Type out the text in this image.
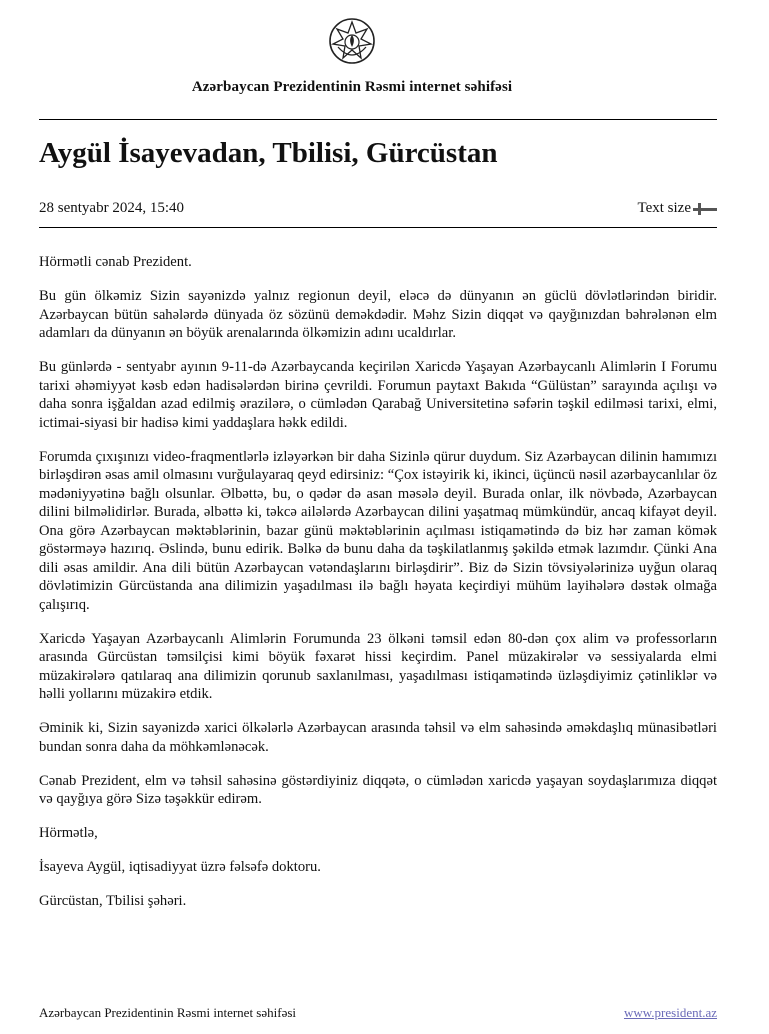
Azərbaycan Prezidentinin Rəsmi internet səhifəsi
Aygül İsayevadan, Tbilisi, Gürcüstan
28 sentyabr 2024, 15:40	Text size

Hörmətli cənab Prezident.

Bu gün ölkəmiz Sizin sayənizdə yalnız regionun deyil, eləcə də dünyanın ən güclü dövlətlərindən biridir. Azərbaycan bütün sahələrdə dünyada öz sözünü deməkdədir. Məhz Sizin diqqət və qayğınızdan bəhrələnən elm adamları da dünyanın ən böyük arenalarında ölkəmizin adını ucaldırlar.

Bu günlərdə - sentyabr ayının 9-11-də Azərbaycanda keçirilən Xaricdə Yaşayan Azərbaycanlı Alimlərin I Forumu tarixi əhəmiyyət kəsb edən hadisələrdən birinə çevrildi. Forumun paytaxt Bakıda “Gülüstan” sarayında açılışı və daha sonra işğaldan azad edilmiş ərazilərə, o cümlədən Qarabağ Universitetinə səfərin təşkil edilməsi tarixi, elmi, ictimai-siyasi bir hadisə kimi yaddaşlara həkk edildi.

Forumda çıxışınızı video-fraqmentlərlə izləyərkən bir daha Sizinlə qürur duydum. Siz Azərbaycan dilinin hamımızı birləşdirən əsas amil olmasını vurğulayaraq qeyd edirsiniz: “Çox istəyirik ki, ikinci, üçüncü nəsil azərbaycanlılar öz mədəniyyətinə bağlı olsunlar. Əlbəttə, bu, o qədər də asan məsələ deyil. Burada onlar, ilk növbədə, Azərbaycan dilini bilməlidirlər. Burada, əlbəttə ki, təkcə ailələrdə Azərbaycan dilini yaşatmaq mümkündür, ancaq kifayət deyil. Ona görə Azərbaycan məktəblərinin, bazar günü məktəblərinin açılması istiqamətində də biz hər zaman kömək göstərməyə hazırıq. Əslində, bunu edirik. Bəlkə də bunu daha da təşkilatlanmış şəkildə etmək lazımdır. Çünki Ana dili əsas amildir. Ana dili bütün Azərbaycan vətəndaşlarını birləşdirir”. Biz də Sizin tövsiyələrinizə uyğun olaraq dövlətimizin Gürcüstanda ana dilimizin yaşadılması ilə bağlı həyata keçirdiyi mühüm layihələrə dəstək olmağa çalışırıq.

Xaricdə Yaşayan Azərbaycanlı Alimlərin Forumunda 23 ölkəni təmsil edən 80-dən çox alim və professorların arasında Gürcüstan təmsilçisi kimi böyük fəxarət hissi keçirdim. Panel müzakirələr və sessiyalarda elmi müzakirələrə qatılaraq ana dilimizin qorunub saxlanılması, yaşadılması istiqamətində üzləşdiyimiz çətinliklər və həlli yollarını müzakirə etdik.

Əminik ki, Sizin sayənizdə xarici ölkələrlə Azərbaycan arasında təhsil və elm sahəsində əməkdaşlıq münasibətləri bundan sonra daha da möhkəmlənəcək.

Cənab Prezident, elm və təhsil sahəsinə göstərdiyiniz diqqətə, o cümlədən xaricdə yaşayan soydaşlarımıza diqqət və qayğıya görə Sizə təşəkkür edirəm.

Hörmətlə,

İsayeva Aygül, iqtisadiyyat üzrə fəlsəfə doktoru.

Gürcüstan, Tbilisi şəhəri.

Azərbaycan Prezidentinin Rəsmi internet səhifəsi	www.president.az
